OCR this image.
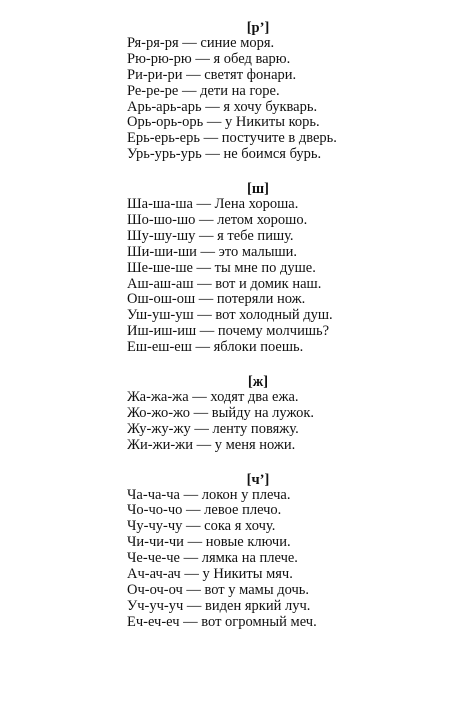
[р’]
Ря-ря-ря — синие моря.
Рю-рю-рю — я обед варю.
Ри-ри-ри — светят фонари.
Ре-ре-ре — дети на горе.
Арь-арь-арь — я хочу букварь.
Орь-орь-орь — у Никиты корь.
Ерь-ерь-ерь — постучите в дверь.
Урь-урь-урь — не боимся бурь.
[ш]
Ша-ша-ша — Лена хороша.
Шо-шо-шо — летом хорошо.
Шу-шу-шу — я тебе пишу.
Ши-ши-ши — это малыши.
Ше-ше-ше — ты мне по душе.
Аш-аш-аш — вот и домик наш.
Ош-ош-ош — потеряли нож.
Уш-уш-уш — вот холодный душ.
Иш-иш-иш — почему молчишь?
Еш-еш-еш — яблоки поешь.
[ж]
Жа-жа-жа — ходят два ежа.
Жо-жо-жо — выйду на лужок.
Жу-жу-жу — ленту повяжу.
Жи-жи-жи — у меня ножи.
[ч’]
Ча-ча-ча — локон у плеча.
Чо-чо-чо — левое плечо.
Чу-чу-чу — сока я хочу.
Чи-чи-чи — новые ключи.
Че-че-че — лямка на плече.
Ач-ач-ач — у Никиты мяч.
Оч-оч-оч — вот у мамы дочь.
Уч-уч-уч — виден яркий луч.
Еч-еч-еч — вот огромный меч.
